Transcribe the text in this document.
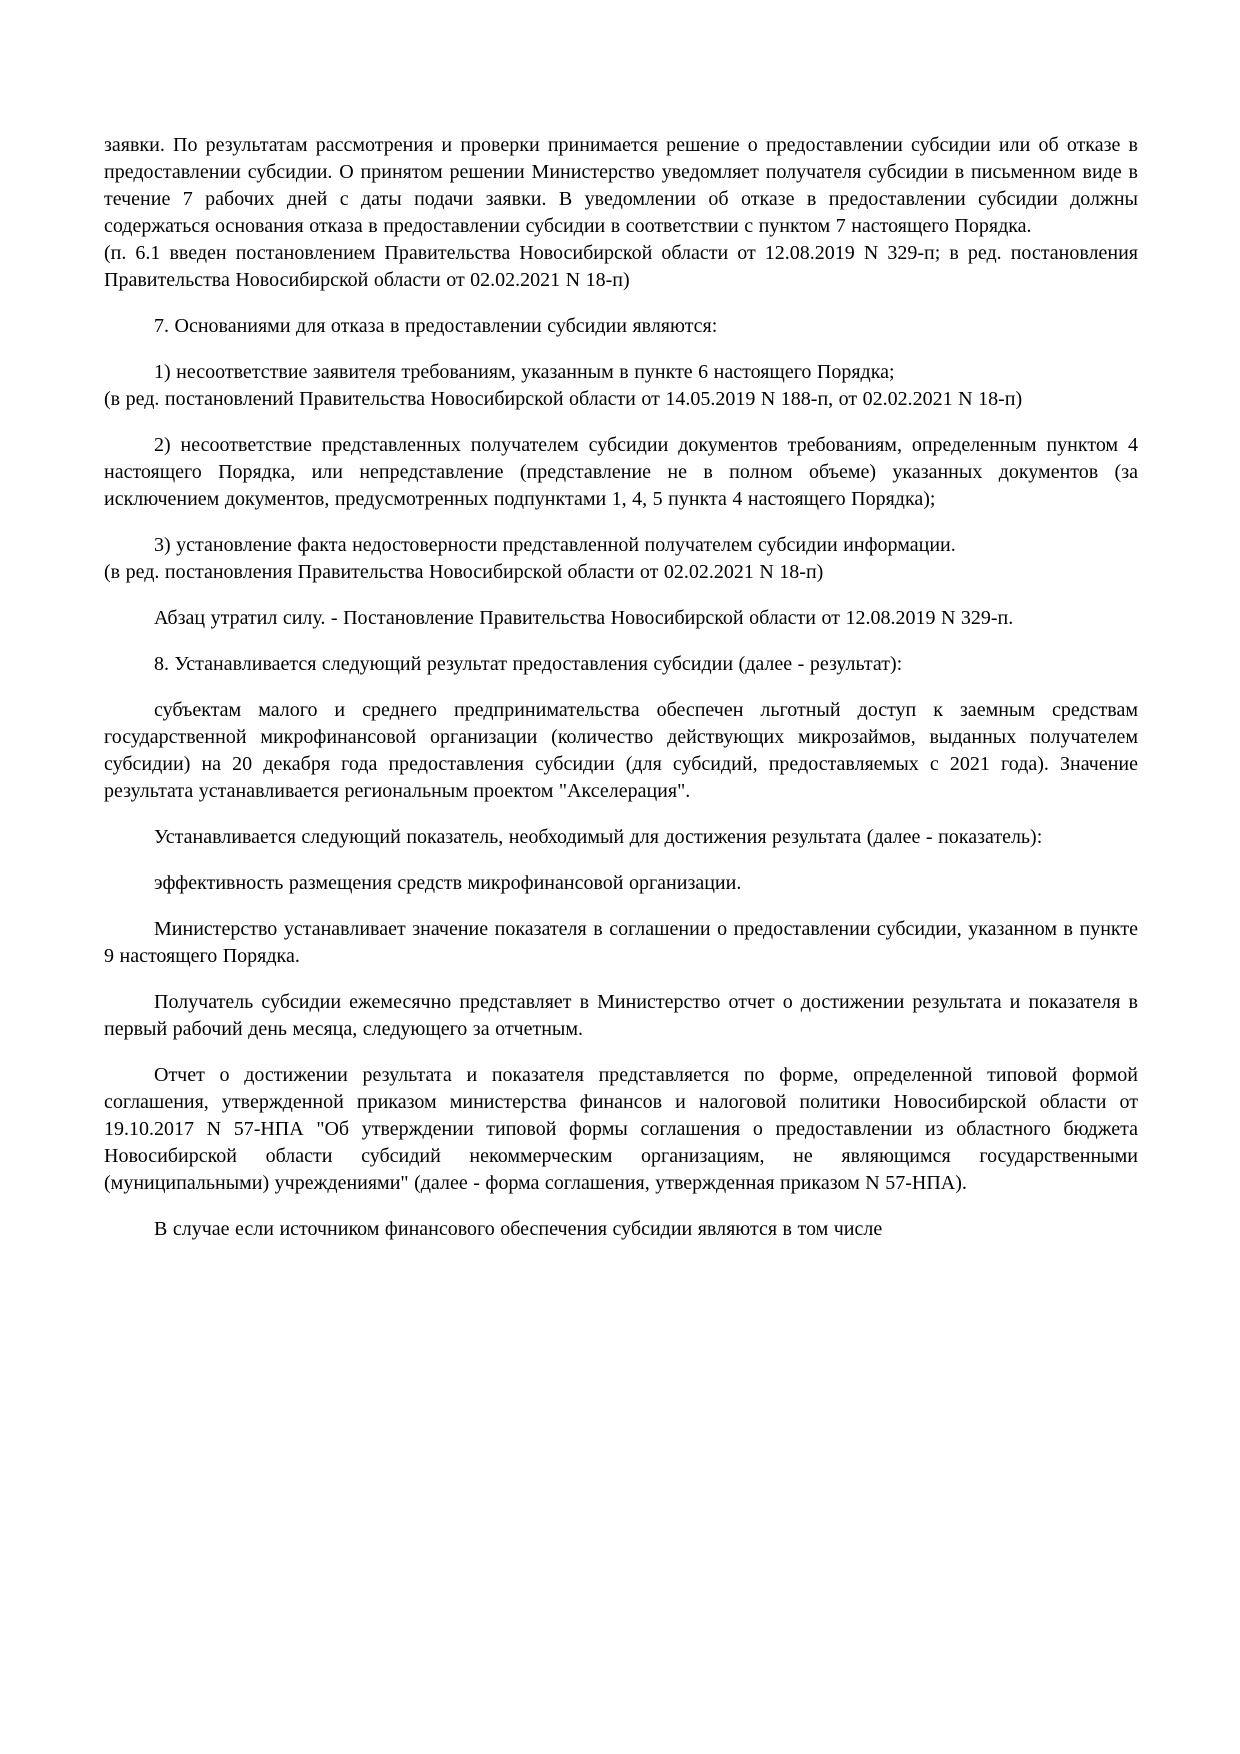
заявки. По результатам рассмотрения и проверки принимается решение о предоставлении субсидии или об отказе в предоставлении субсидии. О принятом решении Министерство уведомляет получателя субсидии в письменном виде в течение 7 рабочих дней с даты подачи заявки. В уведомлении об отказе в предоставлении субсидии должны содержаться основания отказа в предоставлении субсидии в соответствии с пунктом 7 настоящего Порядка.

(п. 6.1 введен постановлением Правительства Новосибирской области от 12.08.2019 N 329-п; в ред. постановления Правительства Новосибирской области от 02.02.2021 N 18-п)

7. Основаниями для отказа в предоставлении субсидии являются:

1) несоответствие заявителя требованиям, указанным в пункте 6 настоящего Порядка;

(в ред. постановлений Правительства Новосибирской области от 14.05.2019 N 188-п, от 02.02.2021 N 18-п)

2) несоответствие представленных получателем субсидии документов требованиям, определенным пунктом 4 настоящего Порядка, или непредставление (представление не в полном объеме) указанных документов (за исключением документов, предусмотренных подпунктами 1, 4, 5 пункта 4 настоящего Порядка);

3) установление факта недостоверности представленной получателем субсидии информации.

(в ред. постановления Правительства Новосибирской области от 02.02.2021 N 18-п)

Абзац утратил силу. - Постановление Правительства Новосибирской области от 12.08.2019 N 329-п.

8. Устанавливается следующий результат предоставления субсидии (далее - результат):

субъектам малого и среднего предпринимательства обеспечен льготный доступ к заемным средствам государственной микрофинансовой организации (количество действующих микрозаймов, выданных получателем субсидии) на 20 декабря года предоставления субсидии (для субсидий, предоставляемых с 2021 года). Значение результата устанавливается региональным проектом "Акселерация".

Устанавливается следующий показатель, необходимый для достижения результата (далее - показатель):

эффективность размещения средств микрофинансовой организации.

Министерство устанавливает значение показателя в соглашении о предоставлении субсидии, указанном в пункте 9 настоящего Порядка.

Получатель субсидии ежемесячно представляет в Министерство отчет о достижении результата и показателя в первый рабочий день месяца, следующего за отчетным.

Отчет о достижении результата и показателя представляется по форме, определенной типовой формой соглашения, утвержденной приказом министерства финансов и налоговой политики Новосибирской области от 19.10.2017 N 57-НПА "Об утверждении типовой формы соглашения о предоставлении из областного бюджета Новосибирской области субсидий некоммерческим организациям, не являющимся государственными (муниципальными) учреждениями" (далее - форма соглашения, утвержденная приказом N 57-НПА).

В случае если источником финансового обеспечения субсидии являются в том числе
